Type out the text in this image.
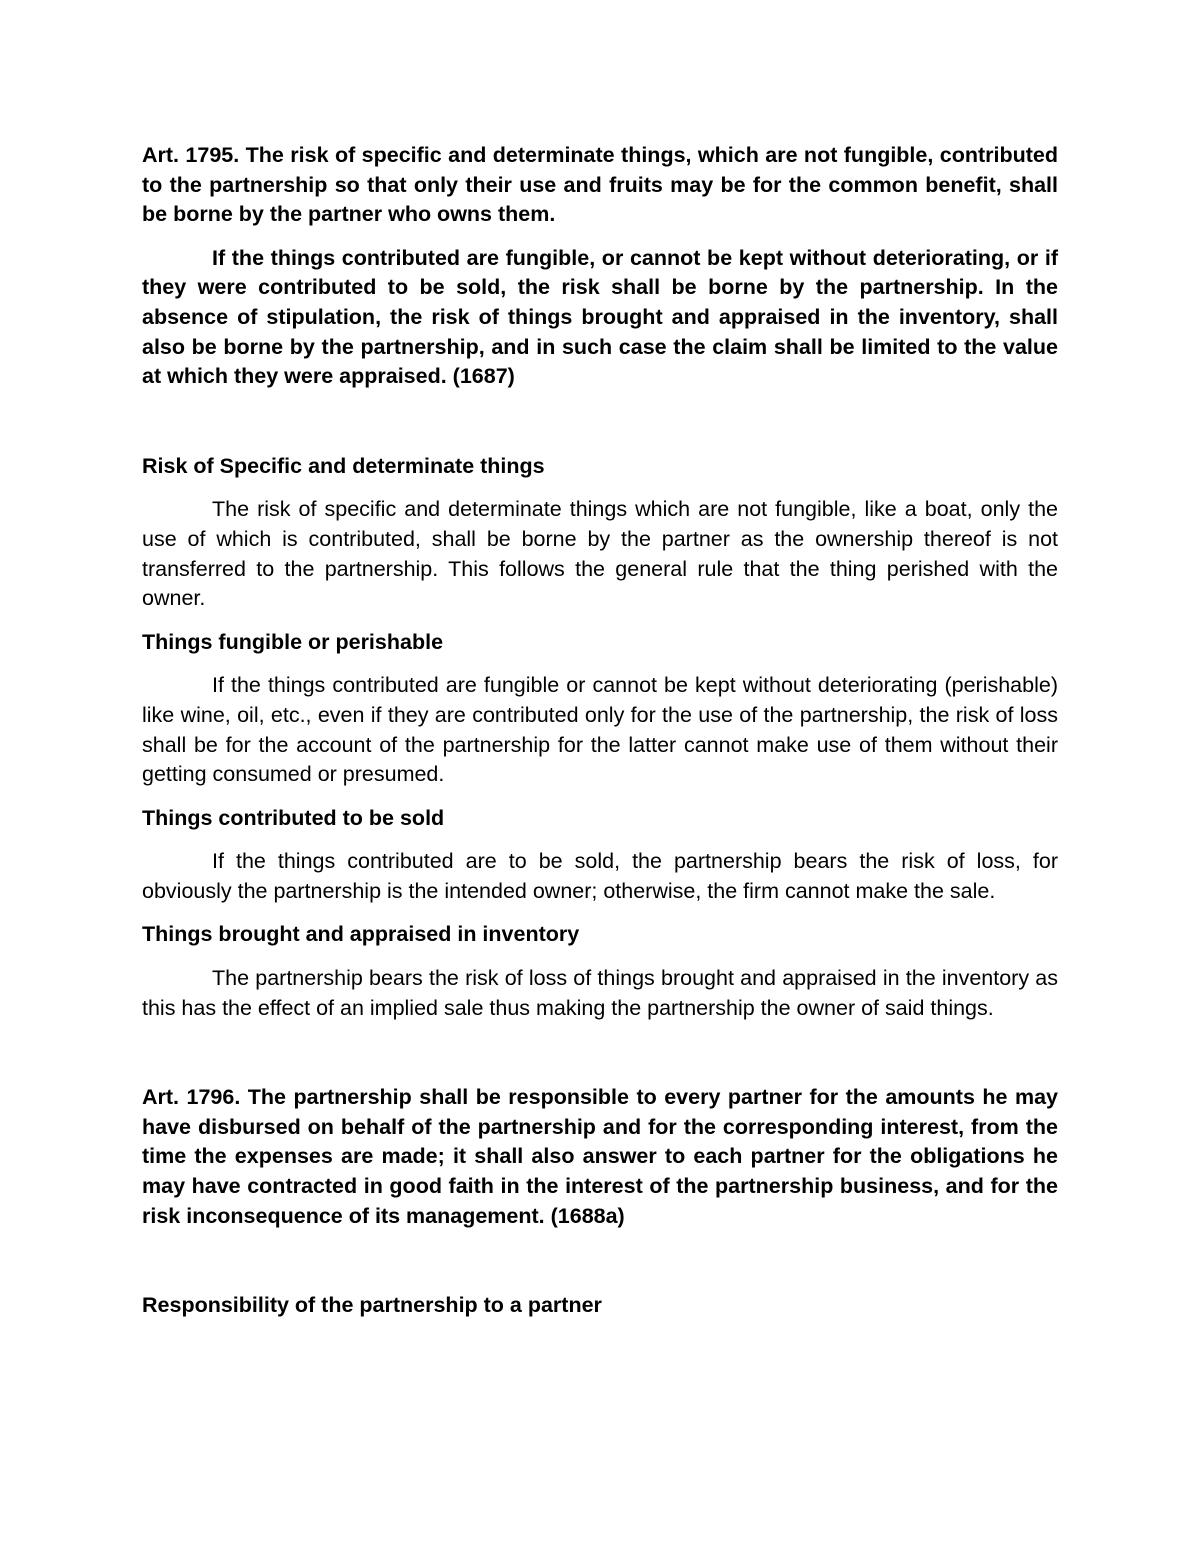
Art. 1795. The risk of specific and determinate things, which are not fungible, contributed to the partnership so that only their use and fruits may be for the common benefit, shall be borne by the partner who owns them.

If the things contributed are fungible, or cannot be kept without deteriorating, or if they were contributed to be sold, the risk shall be borne by the partnership. In the absence of stipulation, the risk of things brought and appraised in the inventory, shall also be borne by the partnership, and in such case the claim shall be limited to the value at which they were appraised. (1687)

Risk of Specific and determinate things

The risk of specific and determinate things which are not fungible, like a boat, only the use of which is contributed, shall be borne by the partner as the ownership thereof is not transferred to the partnership. This follows the general rule that the thing perished with the owner.

Things fungible or perishable

If the things contributed are fungible or cannot be kept without deteriorating (perishable) like wine, oil, etc., even if they are contributed only for the use of the partnership, the risk of loss shall be for the account of the partnership for the latter cannot make use of them without their getting consumed or presumed.

Things contributed to be sold

If the things contributed are to be sold, the partnership bears the risk of loss, for obviously the partnership is the intended owner; otherwise, the firm cannot make the sale.

Things brought and appraised in inventory

The partnership bears the risk of loss of things brought and appraised in the inventory as this has the effect of an implied sale thus making the partnership the owner of said things.

Art. 1796. The partnership shall be responsible to every partner for the amounts he may have disbursed on behalf of the partnership and for the corresponding interest, from the time the expenses are made; it shall also answer to each partner for the obligations he may have contracted in good faith in the interest of the partnership business, and for the risk inconsequence of its management. (1688a)

Responsibility of the partnership to a partner
